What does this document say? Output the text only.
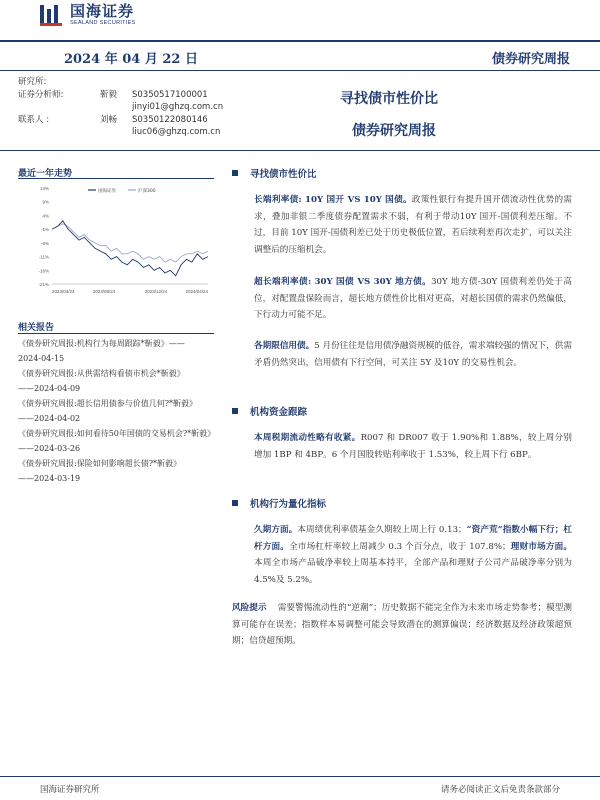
国海证券
SEALAND SECURITIES
2024 年 04 月 22 日	债券研究周报
研究所:
证券分析师:	靳毅	S0350517100001
jinyi01@ghzq.com.cn
联系人 :	刘畅	S0350122080146
liuc06@ghzq.com.cn
寻找债市性价比
债券研究周报
最近一年走势
14%
9%
4%
-1%
-6%
-11%
-16%
-21%
2023/04/24	2023/08/24	2023/12/24	2024/04/24
国海证券	沪深300
相关报告
《债券研究周报:机构行为每周跟踪*靳毅》——
2024-04-15
《债券研究周报:从供需结构看债市机会*靳毅》
——2024-04-09
《债券研究周报:超长信用债参与价值几何?*靳毅》
——2024-04-02
《债券研究周报:如何看待50年国债的交易机会?*靳毅》
——2024-03-26
《债券研究周报:保险如何影响超长债?*靳毅》
——2024-03-19
寻找债市性价比
长端利率债: 10Y 国开 VS 10Y 国债。政策性银行有提升国开债流动性优势的需求，叠加非银二季度债券配置需求不弱，有利于带动10Y 国开-国债利差压缩。不过，目前 10Y 国开-国债利差已处于历史极低位置，若后续利差再次走扩，可以关注调整后的压缩机会。
超长端利率债: 30Y 国债 VS 30Y 地方债。30Y 地方债-30Y 国债利差仍处于高位，对配置盘保险而言，超长地方债性价比相对更高，对超长国债的需求仍然偏低，下行动力可能不足。
各期限信用债。5 月份往往是信用债净融资规模的低谷，需求端较强的情况下，供需矛盾仍然突出，信用债有下行空间，可关注 5Y 及10Y 的交易性机会。
机构资金跟踪
本周税期流动性略有收紧。R007 和 DR007 收于 1.90%和 1.88%，较上周分别增加 1BP 和 4BP。6 个月国股转贴利率收于 1.53%，较上周下行 6BP。
机构行为量化指标
久期方面。本周绩优利率债基金久期较上周上行 0.13；“资产荒”指数小幅下行；杠杆方面。全市场杠杆率较上周减少 0.3 个百分点，收于 107.8%；理财市场方面。本周全市场产品破净率较上周基本持平，全部产品和理财子公司产品破净率分别为 4.5%及 5.2%。
风险提示 需要警惕流动性的“逆潮”；历史数据不能完全作为未来市场走势参考；模型测算可能存在误差；指数样本易调整可能会导致潜在的测算偏误；经济数据及经济政策超预期；信贷超预期。
国海证券研究所	请务必阅读正文后免责条款部分
